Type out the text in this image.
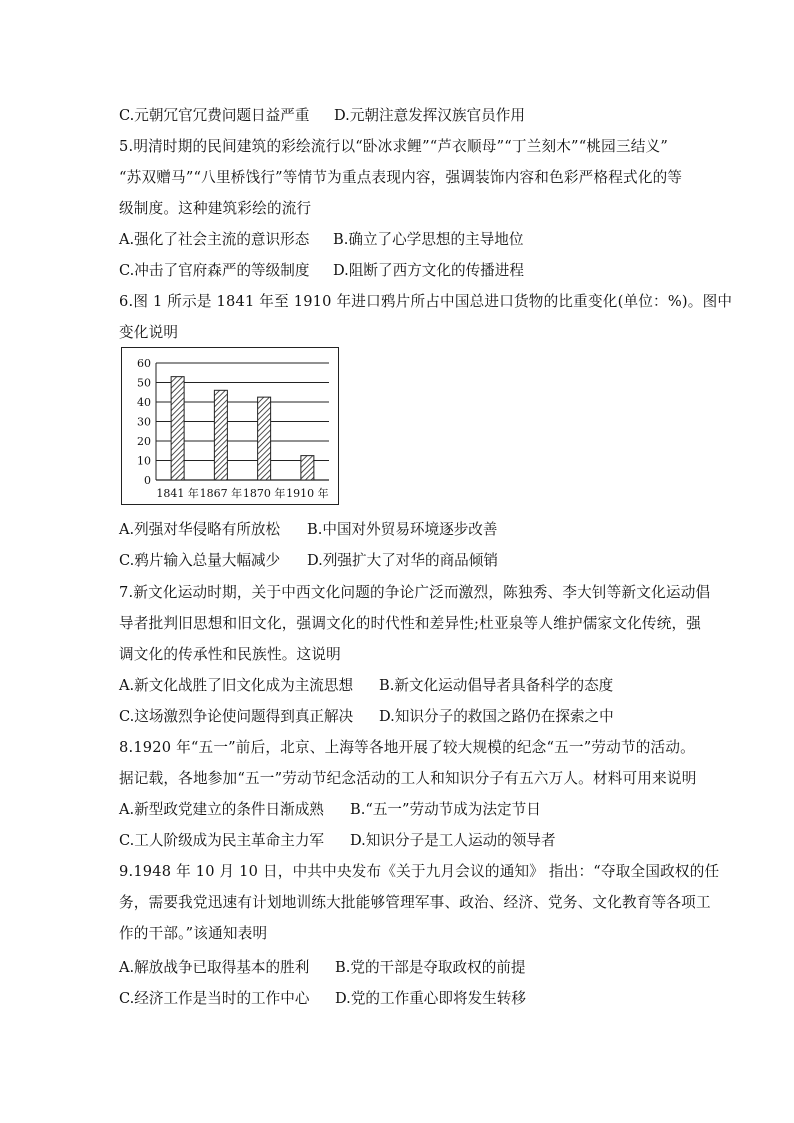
C.元朝冗官冗费问题日益严重 D.元朝注意发挥汉族官员作用
5.明清时期的民间建筑的彩绘流行以“卧冰求鲤”“芦衣顺母”“丁兰刻木”“桃园三结义”
“苏双赠马”“八里桥饯行”等情节为重点表现内容，强调装饰内容和色彩严格程式化的等
级制度。这种建筑彩绘的流行
A.强化了社会主流的意识形态 B.确立了心学思想的主导地位
C.冲击了官府森严的等级制度 D.阻断了西方文化的传播进程
6.图 1 所示是 1841 年至 1910 年进口鸦片所占中国总进口货物的比重变化(单位：%)。图中
变化说明
0
10
20
30
40
50
60
1841 年 1867 年 1870 年 1910 年
A.列强对华侵略有所放松 B.中国对外贸易环境逐步改善
C.鸦片输入总量大幅减少 D.列强扩大了对华的商品倾销
7.新文化运动时期，关于中西文化问题的争论广泛而激烈，陈独秀、李大钊等新文化运动倡
导者批判旧思想和旧文化，强调文化的时代性和差异性;杜亚泉等人维护儒家文化传统，强
调文化的传承性和民族性。这说明
A.新文化战胜了旧文化成为主流思想 B.新文化运动倡导者具备科学的态度
C.这场激烈争论使问题得到真正解决 D.知识分子的救国之路仍在探索之中
8.1920 年“五一”前后，北京、上海等各地开展了较大规模的纪念“五一”劳动节的活动。
据记载，各地参加“五一”劳动节纪念活动的工人和知识分子有五六万人。材料可用来说明
A.新型政党建立的条件日渐成熟 B.“五一”劳动节成为法定节日
C.工人阶级成为民主革命主力军 D.知识分子是工人运动的领导者
9.1948 年 10 月 10 日，中共中央发布《关于九月会议的通知》 指出：“夺取全国政权的任
务，需要我党迅速有计划地训练大批能够管理军事、政治、经济、党务、文化教育等各项工
作的干部。”该通知表明
A.解放战争已取得基本的胜利 B.党的干部是夺取政权的前提
C.经济工作是当时的工作中心 D.党的工作重心即将发生转移
